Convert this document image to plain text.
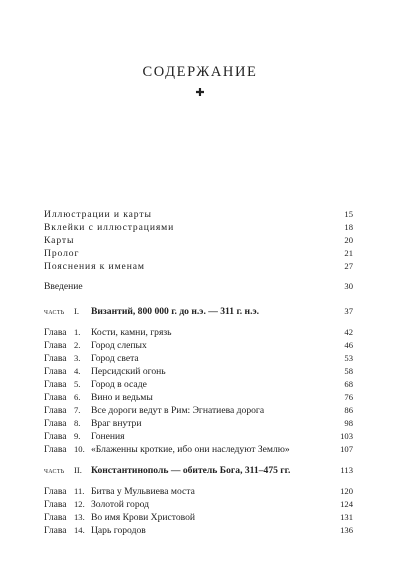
СОДЕРЖАНИЕ
✚
Иллюстрации и карты	15
Вклейки с иллюстрациями	18
Карты	20
Пролог	21
Пояснения к именам	27
Введение	30
часть I. Византий, 800 000 г. до н.э. — 311 г. н.э.	37
Глава 1. Кости, камни, грязь	42
Глава 2. Город слепых	46
Глава 3. Город света	53
Глава 4. Персидский огонь	58
Глава 5. Город в осаде	68
Глава 6. Вино и ведьмы	76
Глава 7. Все дороги ведут в Рим: Эгнатиева дорога	86
Глава 8. Враг внутри	98
Глава 9. Гонения	103
Глава 10. «Блаженны кроткие, ибо они наследуют Землю»	107
часть II. Константинополь — обитель Бога, 311–475 гг.	113
Глава 11. Битва у Мульвиева моста	120
Глава 12. Золотой город	124
Глава 13. Во имя Крови Христовой	131
Глава 14. Царь городов	136
